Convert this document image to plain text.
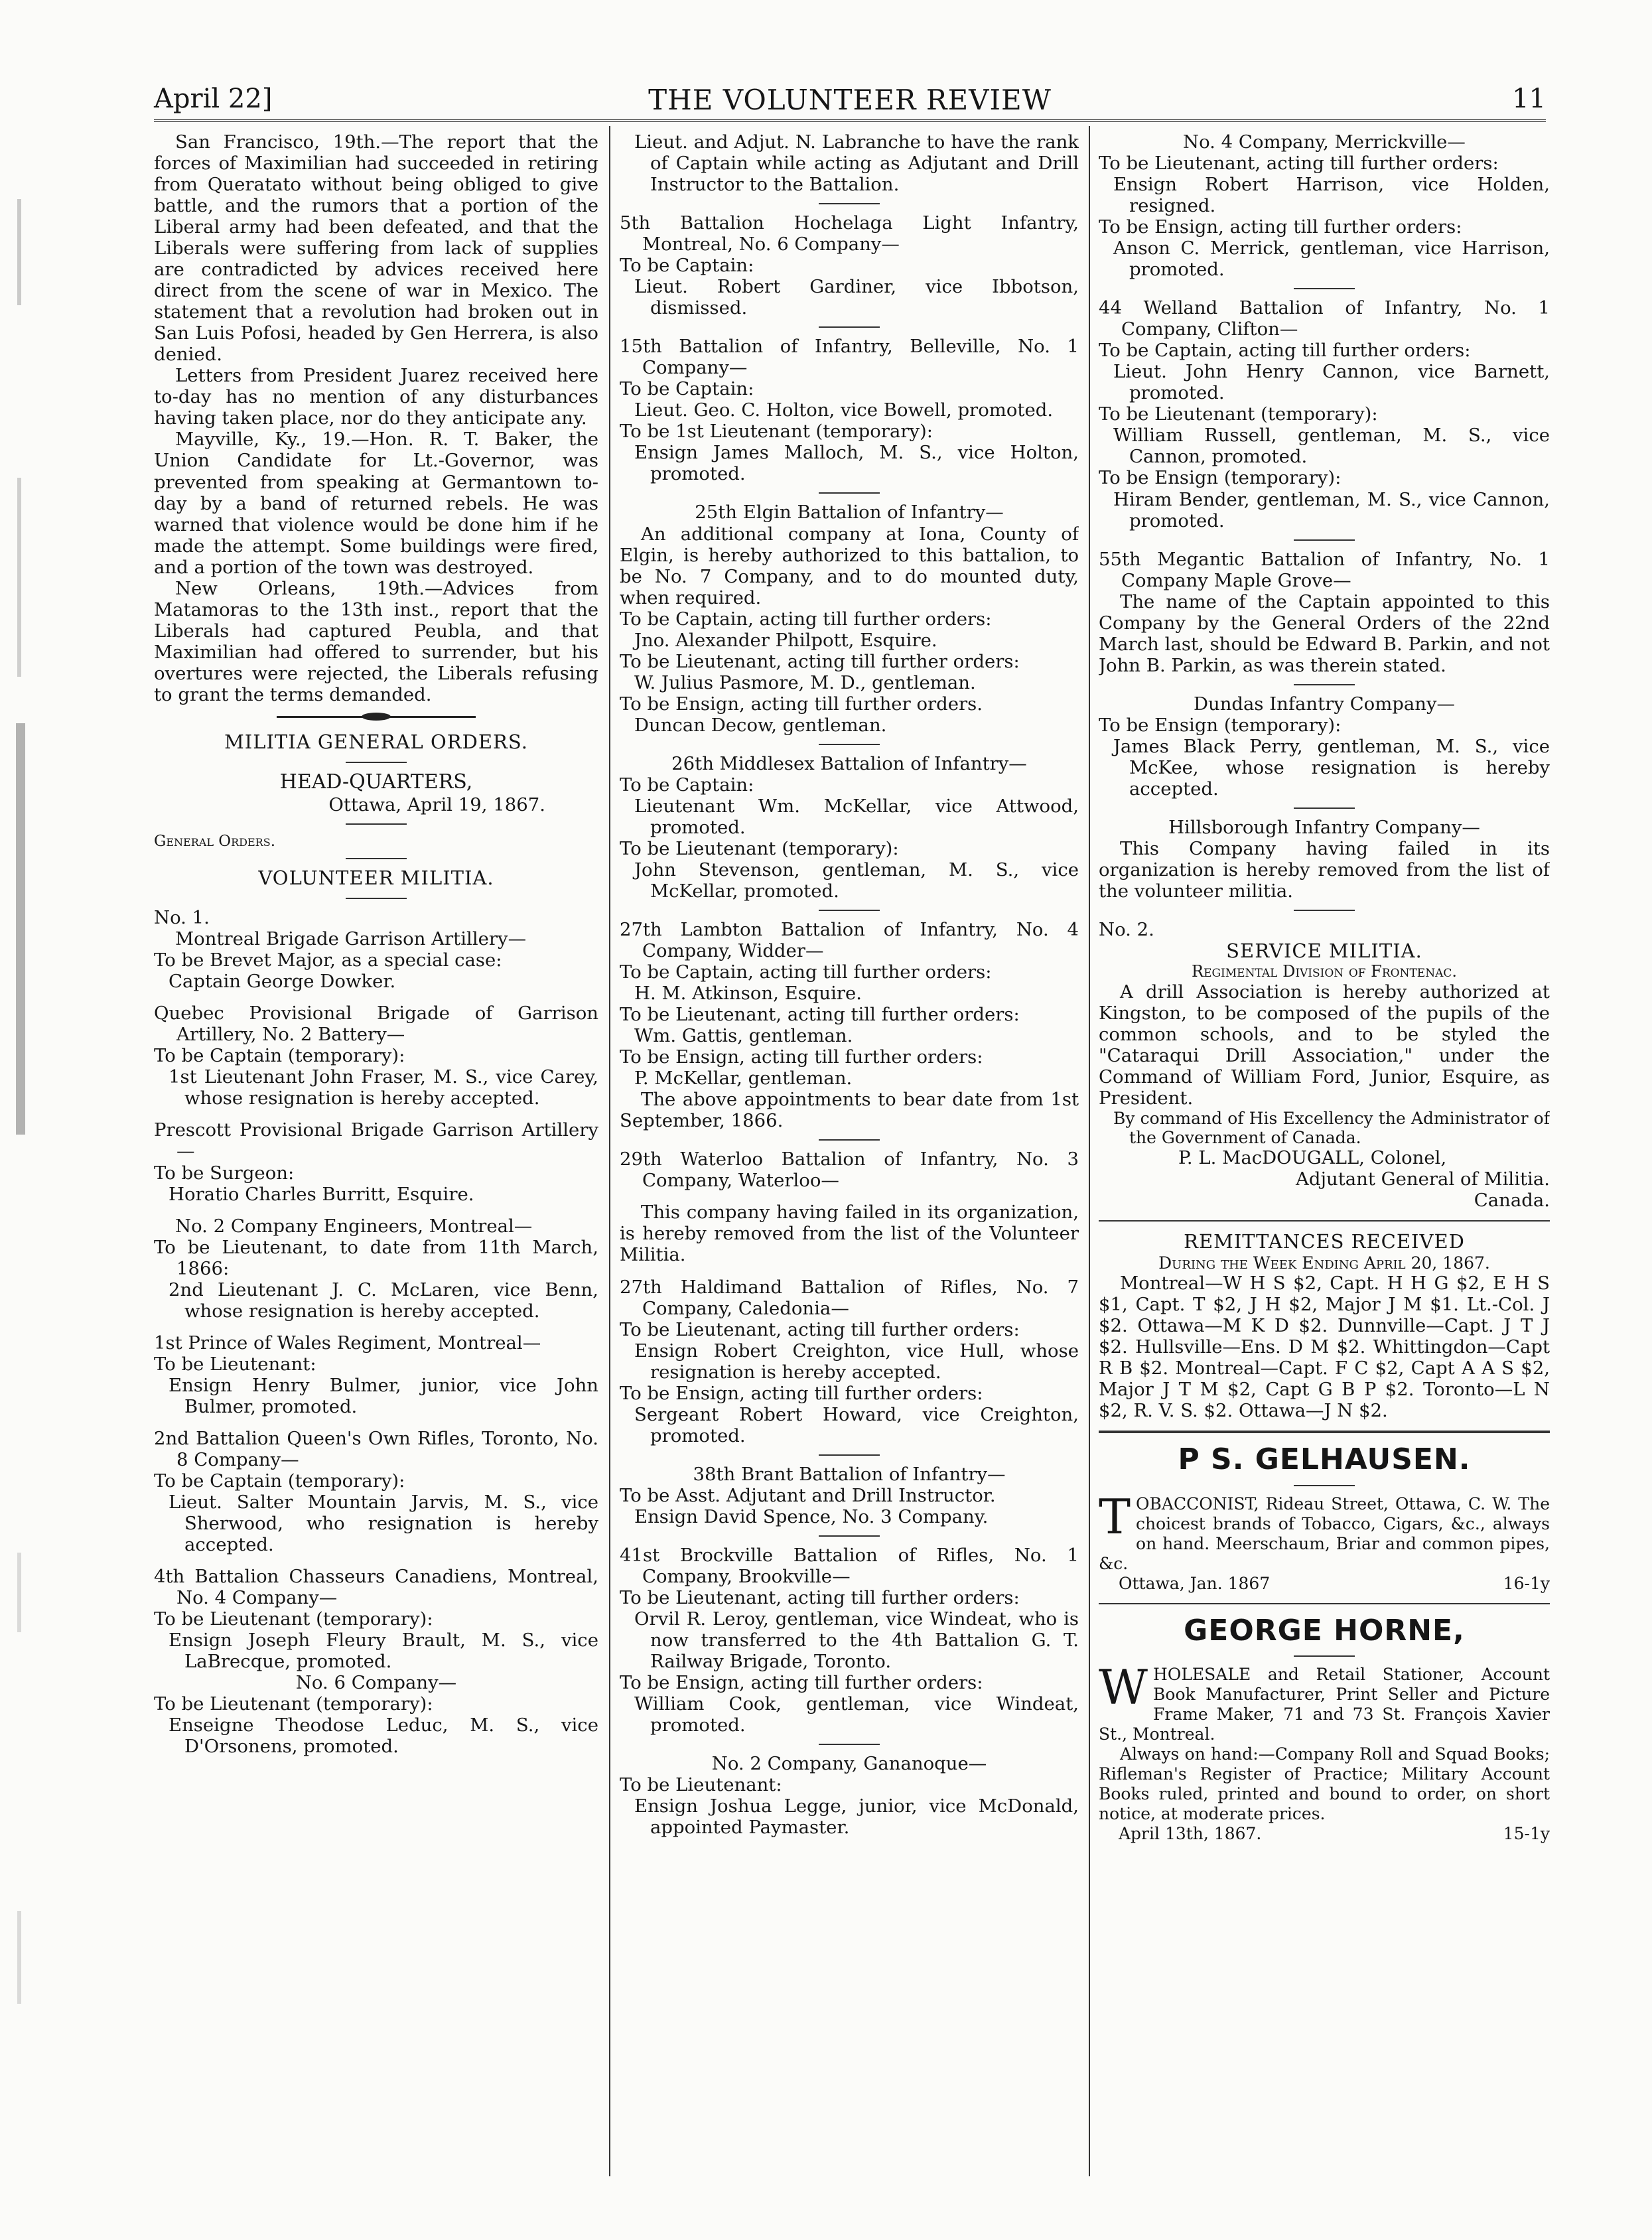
April 22]	THE VOLUNTEER REVIEW	11

San Francisco, 19th.—The report that the forces of Maximilian had succeeded in retiring from Queratato without being obliged to give battle, and the rumors that a portion of the Liberal army had been defeated, and that the Liberals were suffering from lack of supplies are contradicted by advices received here direct from the scene of war in Mexico. The statement that a revolution had broken out in San Luis Pofosi, headed by Gen Herrera, is also denied.

Letters from President Juarez received here to-day has no mention of any disturbances having taken place, nor do they anticipate any.

Mayville, Ky., 19.—Hon. R. T. Baker, the Union Candidate for Lt.-Governor, was prevented from speaking at Germantown to-day by a band of returned rebels. He was warned that violence would be done him if he made the attempt. Some buildings were fired, and a portion of the town was destroyed.

New Orleans, 19th.—Advices from Matamoras to the 13th inst., report that the Liberals had captured Peubla, and that Maximilian had offered to surrender, but his overtures were rejected, the Liberals refusing to grant the terms demanded.

MILITIA GENERAL ORDERS.

HEAD-QUARTERS,

Ottawa, April 19, 1867.

General Orders.

VOLUNTEER MILITIA.

No. 1.

Montreal Brigade Garrison Artillery—

To be Brevet Major, as a special case:

Captain George Dowker.

Quebec Provisional Brigade of Garrison Artillery, No. 2 Battery—

To be Captain (temporary):

1st Lieutenant John Fraser, M. S., vice Carey, whose resignation is hereby accepted.

Prescott Provisional Brigade Garrison Artillery—

To be Surgeon:

Horatio Charles Burritt, Esquire.

No. 2 Company Engineers, Montreal—

To be Lieutenant, to date from 11th March, 1866:

2nd Lieutenant J. C. McLaren, vice Benn, whose resignation is hereby accepted.

1st Prince of Wales Regiment, Montreal—

To be Lieutenant:

Ensign Henry Bulmer, junior, vice John Bulmer, promoted.

2nd Battalion Queen's Own Rifles, Toronto, No. 8 Company—

To be Captain (temporary):

Lieut. Salter Mountain Jarvis, M. S., vice Sherwood, who resignation is hereby accepted.

4th Battalion Chasseurs Canadiens, Montreal, No. 4 Company—

To be Lieutenant (temporary):

Ensign Joseph Fleury Brault, M. S., vice LaBrecque, promoted.

No. 6 Company—

To be Lieutenant (temporary):

Enseigne Theodose Leduc, M. S., vice D'Orsonens, promoted.

Lieut. and Adjut. N. Labranche to have the rank of Captain while acting as Adjutant and Drill Instructor to the Battalion.

5th Battalion Hochelaga Light Infantry, Montreal, No. 6 Company—

To be Captain:

Lieut. Robert Gardiner, vice Ibbotson, dismissed.

15th Battalion of Infantry, Belleville, No. 1 Company—

To be Captain:

Lieut. Geo. C. Holton, vice Bowell, promoted.

To be 1st Lieutenant (temporary):

Ensign James Malloch, M. S., vice Holton, promoted.

25th Elgin Battalion of Infantry—

An additional company at Iona, County of Elgin, is hereby authorized to this battalion, to be No. 7 Company, and to do mounted duty, when required.

To be Captain, acting till further orders:

Jno. Alexander Philpott, Esquire.

To be Lieutenant, acting till further orders:

W. Julius Pasmore, M. D., gentleman.

To be Ensign, acting till further orders.

Duncan Decow, gentleman.

26th Middlesex Battalion of Infantry—

To be Captain:

Lieutenant Wm. McKellar, vice Attwood, promoted.

To be Lieutenant (temporary):

John Stevenson, gentleman, M. S., vice McKellar, promoted.

27th Lambton Battalion of Infantry, No. 4 Company, Widder—

To be Captain, acting till further orders:

H. M. Atkinson, Esquire.

To be Lieutenant, acting till further orders:

Wm. Gattis, gentleman.

To be Ensign, acting till further orders:

P. McKellar, gentleman.

The above appointments to bear date from 1st September, 1866.

29th Waterloo Battalion of Infantry, No. 3 Company, Waterloo—

This company having failed in its organization, is hereby removed from the list of the Volunteer Militia.

27th Haldimand Battalion of Rifles, No. 7 Company, Caledonia—

To be Lieutenant, acting till further orders:

Ensign Robert Creighton, vice Hull, whose resignation is hereby accepted.

To be Ensign, acting till further orders:

Sergeant Robert Howard, vice Creighton, promoted.

38th Brant Battalion of Infantry—

To be Asst. Adjutant and Drill Instructor.

Ensign David Spence, No. 3 Company.

41st Brockville Battalion of Rifles, No. 1 Company, Brookville—

To be Lieutenant, acting till further orders:

Orvil R. Leroy, gentleman, vice Windeat, who is now transferred to the 4th Battalion G. T. Railway Brigade, Toronto.

To be Ensign, acting till further orders:

William Cook, gentleman, vice Windeat, promoted.

No. 2 Company, Gananoque—

To be Lieutenant:

Ensign Joshua Legge, junior, vice McDonald, appointed Paymaster.

No. 4 Company, Merrickville—

To be Lieutenant, acting till further orders:

Ensign Robert Harrison, vice Holden, resigned.

To be Ensign, acting till further orders:

Anson C. Merrick, gentleman, vice Harrison, promoted.

44 Welland Battalion of Infantry, No. 1 Company, Clifton—

To be Captain, acting till further orders:

Lieut. John Henry Cannon, vice Barnett, promoted.

To be Lieutenant (temporary):

William Russell, gentleman, M. S., vice Cannon, promoted.

To be Ensign (temporary):

Hiram Bender, gentleman, M. S., vice Cannon, promoted.

55th Megantic Battalion of Infantry, No. 1 Company Maple Grove—

The name of the Captain appointed to this Company by the General Orders of the 22nd March last, should be Edward B. Parkin, and not John B. Parkin, as was therein stated.

Dundas Infantry Company—

To be Ensign (temporary):

James Black Perry, gentleman, M. S., vice McKee, whose resignation is hereby accepted.

Hillsborough Infantry Company—

This Company having failed in its organization is hereby removed from the list of the volunteer militia.

No. 2.

SERVICE MILITIA.

Regimental Division of Frontenac.

A drill Association is hereby authorized at Kingston, to be composed of the pupils of the common schools, and to be styled the "Cataraqui Drill Association," under the Command of William Ford, Junior, Esquire, as President.

By command of His Excellency the Administrator of the Government of Canada.

P. L. MacDOUGALL, Colonel,

Adjutant General of Militia.

Canada.

REMITTANCES RECEIVED

During the Week Ending April 20, 1867.

Montreal—W H S $2, Capt. H H G $2, E H S $1, Capt. T $2, J H $2, Major J M $1. Lt.-Col. J $2. Ottawa—M K D $2. Dunnville—Capt. J T J $2. Hullsville—Ens. D M $2. Whittingdon—Capt R B $2. Montreal—Capt. F C $2, Capt A A S $2, Major J T M $2, Capt G B P $2. Toronto—L N $2, R. V. S. $2. Ottawa—J N $2.

P S. GELHAUSEN.

TOBACCONIST, Rideau Street, Ottawa, C. W. The choicest brands of Tobacco, Cigars, &c., always on hand. Meerschaum, Briar and common pipes, &c.

Ottawa, Jan. 1867	16-1y

GEORGE HORNE,

WHOLESALE and Retail Stationer, Account Book Manufacturer, Print Seller and Picture Frame Maker, 71 and 73 St. François Xavier St., Montreal.

Always on hand:—Company Roll and Squad Books; Rifleman's Register of Practice; Military Account Books ruled, printed and bound to order, on short notice, at moderate prices.

April 13th, 1867.	15-1y
